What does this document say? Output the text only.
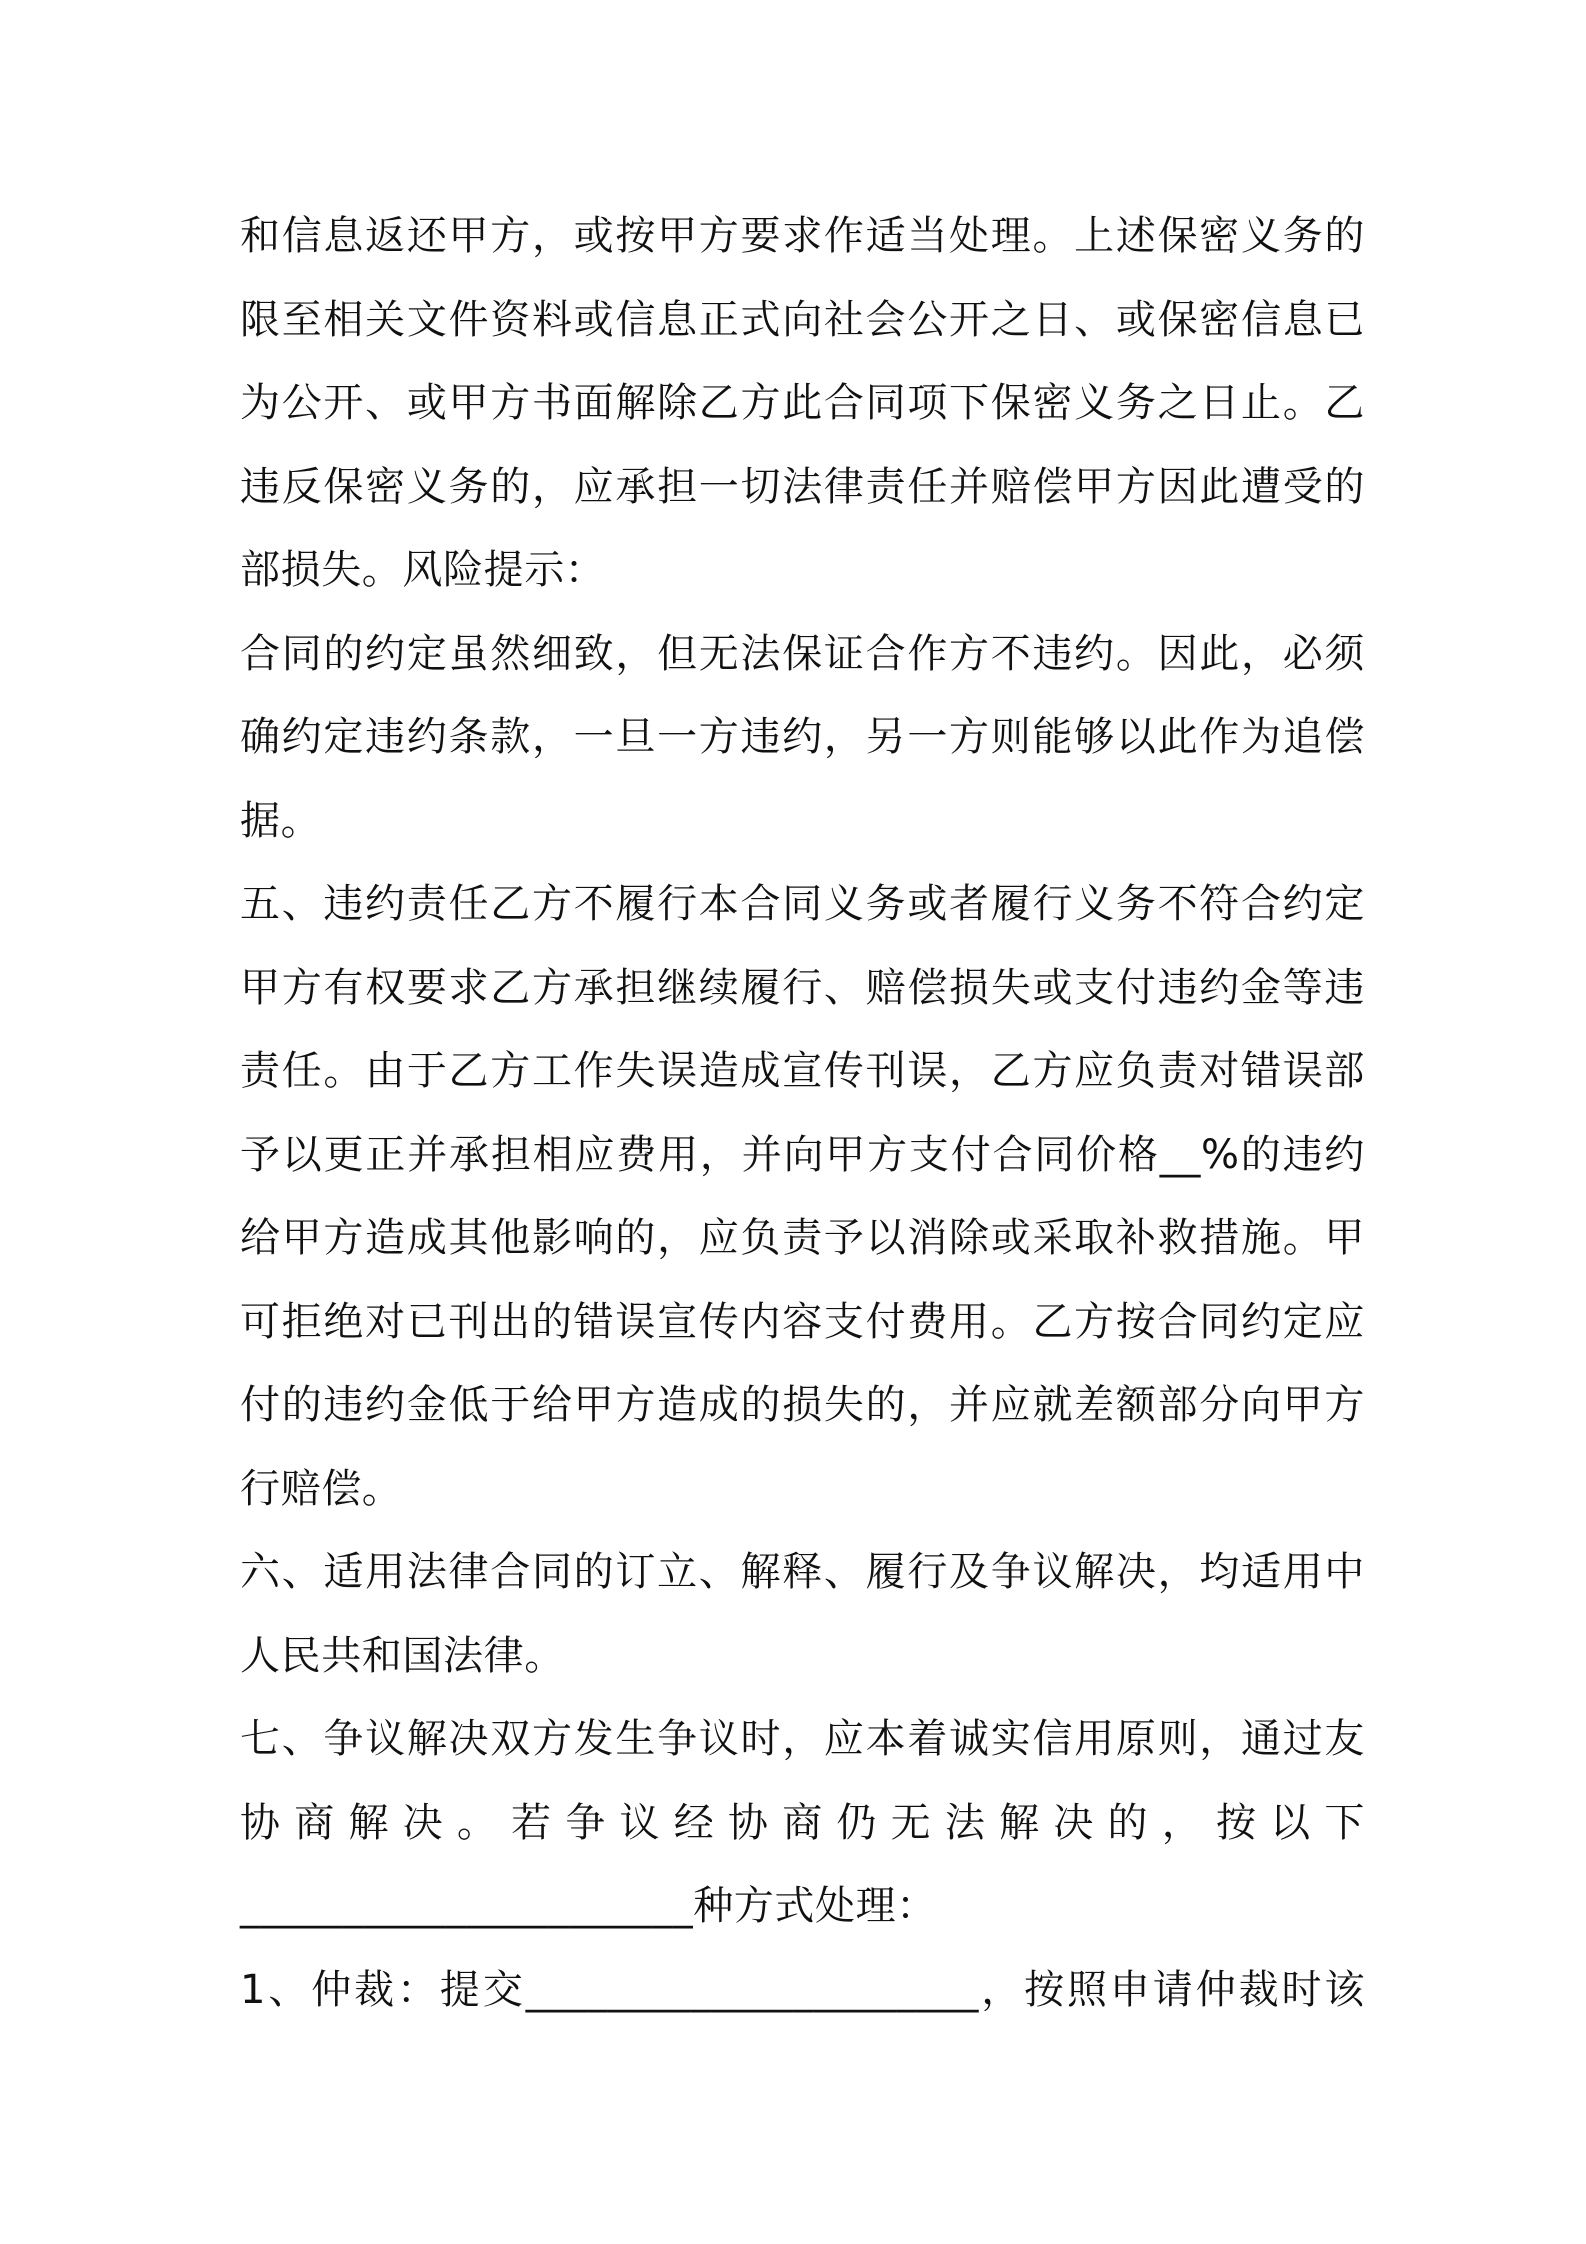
和信息返还甲方，或按甲方要求作适当处理。上述保密义务的
限至相关文件资料或信息正式向社会公开之日、或保密信息已
为公开、或甲方书面解除乙方此合同项下保密义务之日止。乙
违反保密义务的，应承担一切法律责任并赔偿甲方因此遭受的
部损失。风险提示：
合同的约定虽然细致，但无法保证合作方不违约。因此，必须
确约定违约条款，一旦一方违约，另一方则能够以此作为追偿
据。
五、违约责任乙方不履行本合同义务或者履行义务不符合约定
甲方有权要求乙方承担继续履行、赔偿损失或支付违约金等违
责任。由于乙方工作失误造成宣传刊误，乙方应负责对错误部
予以更正并承担相应费用，并向甲方支付合同价格__%的违约
给甲方造成其他影响的，应负责予以消除或采取补救措施。甲
可拒绝对已刊出的错误宣传内容支付费用。乙方按合同约定应
付的违约金低于给甲方造成的损失的，并应就差额部分向甲方
行赔偿。
六、适用法律合同的订立、解释、履行及争议解决，均适用中
人民共和国法律。
七、争议解决双方发生争议时，应本着诚实信用原则，通过友
协 商 解 决 。 若 争 议 经 协 商 仍 无 法 解 决 的 ， 按 以 下
______________________种方式处理：
1、仲裁：提交______________________，按照申请仲裁时该
